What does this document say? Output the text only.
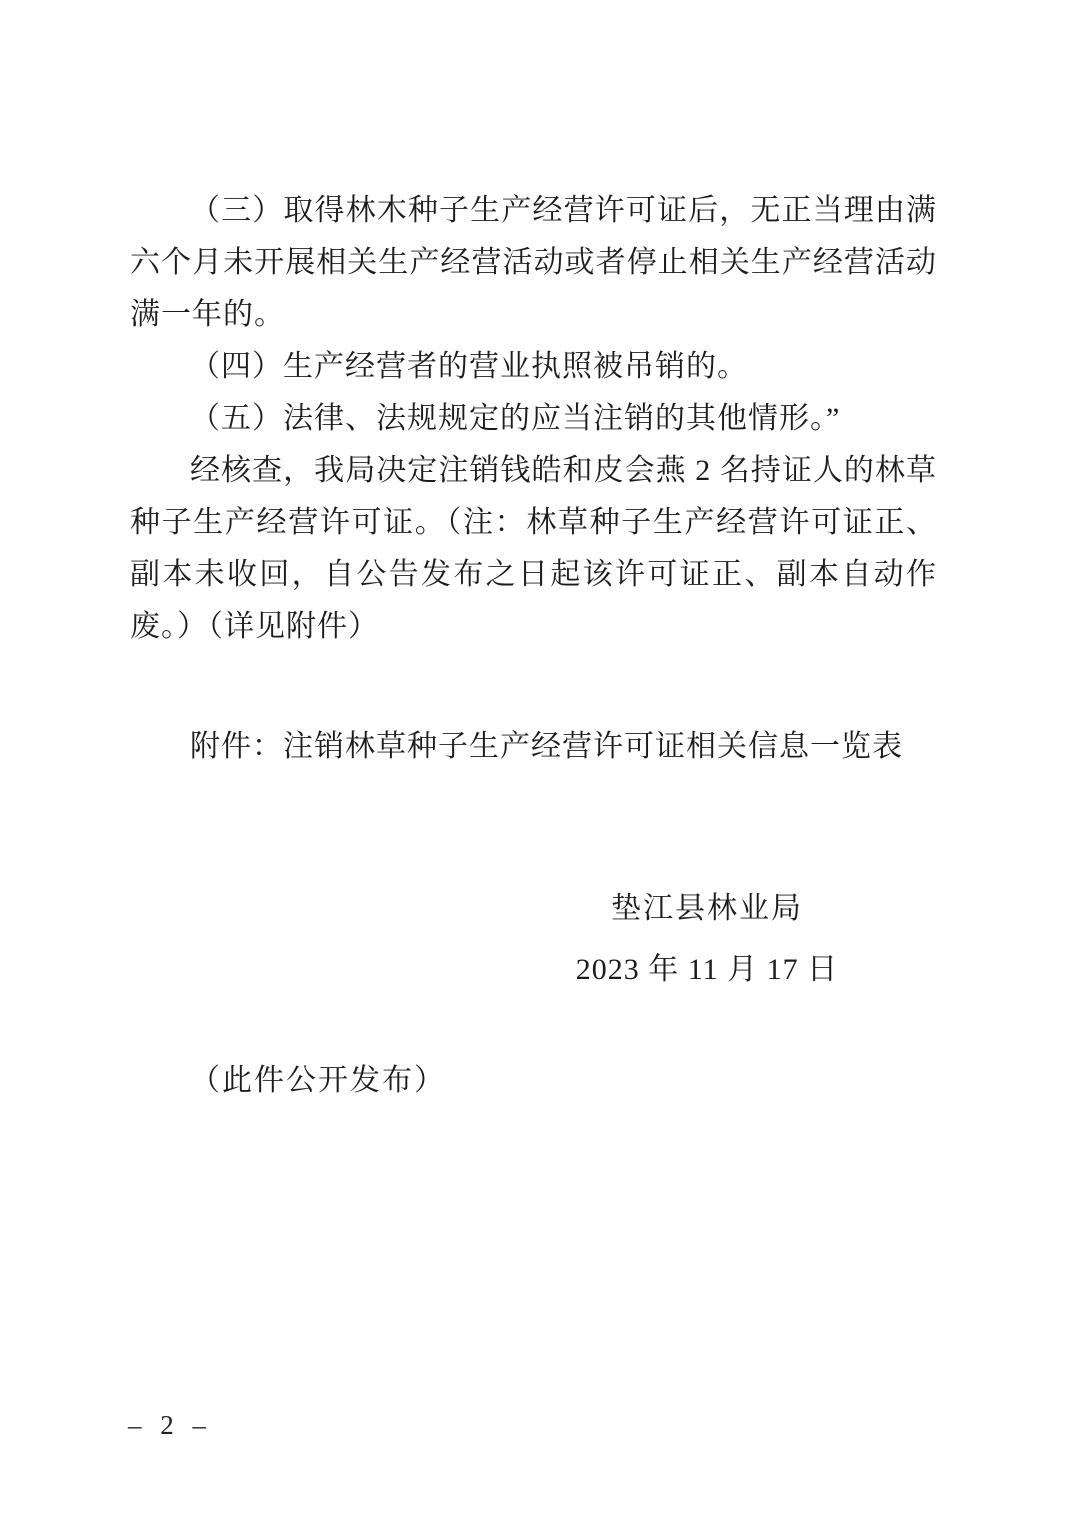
（三）取得林木种子生产经营许可证后，无正当理由满六个月未开展相关生产经营活动或者停止相关生产经营活动满一年的。

（四）生产经营者的营业执照被吊销的。

（五）法律、法规规定的应当注销的其他情形。”

经核查，我局决定注销钱皓和皮会燕 2 名持证人的林草种子生产经营许可证。（注：林草种子生产经营许可证正、副本未收回，自公告发布之日起该许可证正、副本自动作废。）（详见附件）

附件：注销林草种子生产经营许可证相关信息一览表

垫江县林业局
2023 年 11 月 17 日

（此件公开发布）

– 2 –
